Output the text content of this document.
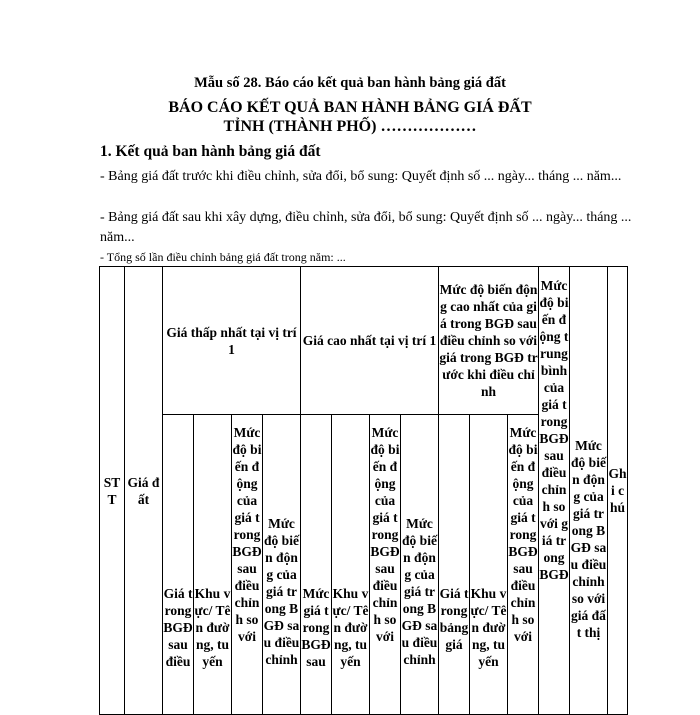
Mẫu số 28. Báo cáo kết quả ban hành bảng giá đất
BÁO CÁO KẾT QUẢ BAN HÀNH BẢNG GIÁ ĐẤT
TỈNH (THÀNH PHỐ) ………………
1. Kết quả ban hành bảng giá đất
- Bảng giá đất trước khi điều chỉnh, sửa đổi, bổ sung: Quyết định số ... ngày... tháng ... năm...
- Bảng giá đất sau khi xây dựng, điều chỉnh, sửa đổi, bổ sung: Quyết định số ... ngày... tháng ... năm...
- Tổng số lần điều chỉnh bảng giá đất trong năm: ...
STT	Giá đất	Giá thấp nhất tại vị trí 1				Giá cao nhất tại vị trí 1				Mức độ biến động cao nhất của giá trong BGĐ sau điều chỉnh so với giá trong BGĐ trước khi điều chỉnh			Mức độ biến động trung bình của giá trong BGĐ sau điều chỉnh so với giá trong BGĐ	Mức độ biến động của giá trong BGĐ sau điều chỉnh so với giá đất thị	Ghi chú
		Giá trong BGĐ sau điều	Khu vực/ Tên đường, tuyến	Mức độ biến động của giá trong BGĐ sau điều chỉnh so với	Mức độ biến động của giá trong BGĐ sau điều chỉnh	Mức giá trong BGĐ sau	Khu vực/ Tên đường, tuyến	Mức độ biến động của giá trong BGĐ sau điều chỉnh so với	Mức độ biến động của giá trong BGĐ sau điều chỉnh	Giá trong bảng giá	Khu vực/ Tên đường, tuyến	Mức độ biến động của giá trong BGĐ sau điều chỉnh so với			
